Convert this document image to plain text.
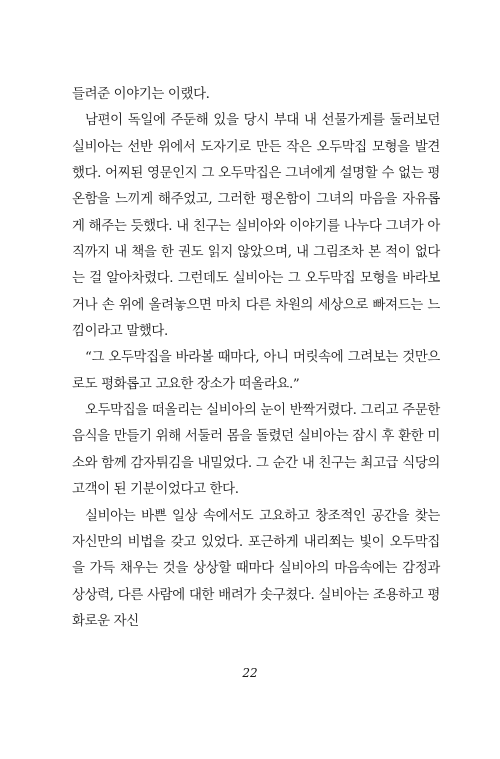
들려준 이야기는 이랬다.

남편이 독일에 주둔해 있을 당시 부대 내 선물가게를 둘러보던 실비아는 선반 위에서 도자기로 만든 작은 오두막집 모형을 발견했다. 어찌된 영문인지 그 오두막집은 그녀에게 설명할 수 없는 평온함을 느끼게 해주었고, 그러한 평온함이 그녀의 마음을 자유롭게 해주는 듯했다. 내 친구는 실비아와 이야기를 나누다 그녀가 아직까지 내 책을 한 권도 읽지 않았으며, 내 그림조차 본 적이 없다는 걸 알아차렸다. 그런데도 실비아는 그 오두막집 모형을 바라보거나 손 위에 올려놓으면 마치 다른 차원의 세상으로 빠져드는 느낌이라고 말했다.

“그 오두막집을 바라볼 때마다, 아니 머릿속에 그려보는 것만으로도 평화롭고 고요한 장소가 떠올라요.”

오두막집을 떠올리는 실비아의 눈이 반짝거렸다. 그리고 주문한 음식을 만들기 위해 서둘러 몸을 돌렸던 실비아는 잠시 후 환한 미소와 함께 감자튀김을 내밀었다. 그 순간 내 친구는 최고급 식당의 고객이 된 기분이었다고 한다.

실비아는 바쁜 일상 속에서도 고요하고 창조적인 공간을 찾는 자신만의 비법을 갖고 있었다. 포근하게 내리쬐는 빛이 오두막집을 가득 채우는 것을 상상할 때마다 실비아의 마음속에는 감정과 상상력, 다른 사람에 대한 배려가 솟구쳤다. 실비아는 조용하고 평화로운 자신

22
